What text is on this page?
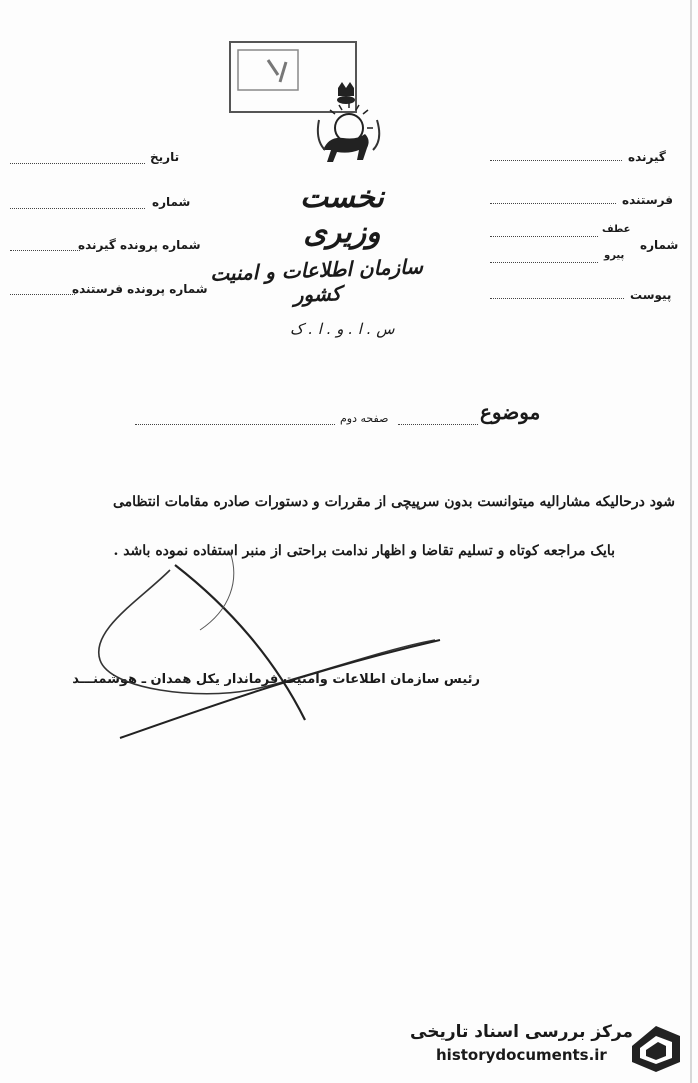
نخست وزیری
سازمان اطلاعات و امنیت کشور
س . ا . و . ا . ک
تاریخ
شماره
شماره پرونده گیرنده
شماره پرونده فرستنده
گیرنده
فرستنده
شماره
عطف
پیرو
پیوست
صفحه دوم	موضوع
شود درحالیکه مشارالیه میتوانست بدون سرپیچی از مقررات و دستورات صادره مقامات انتظامی
بایک مراجعه کوتاه و تسلیم تقاضا و اظهار ندامت براحتی از منبر استفاده نموده باشد .
رئیس سازمان اطلاعات وامنیت فرماندار یکل همدان ـ هوشمنـــد
مرکز بررسی اسناد تاریخی
historydocuments.ir
